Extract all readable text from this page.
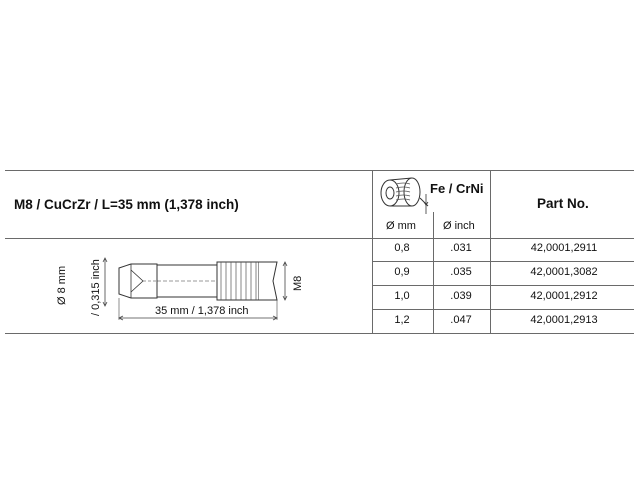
M8 / CuCrZr / L=35 mm (1,378 inch)
Fe / CrNi
Part No.
Ø mm Ø inch
Ø 8 mm / 0,315 inch	35 mm / 1,378 inch
M8
0,8	.031	42,0001,2911
0,9	.035	42,0001,3082
1,0	.039	42,0001,2912
1,2	.047	42,0001,2913
